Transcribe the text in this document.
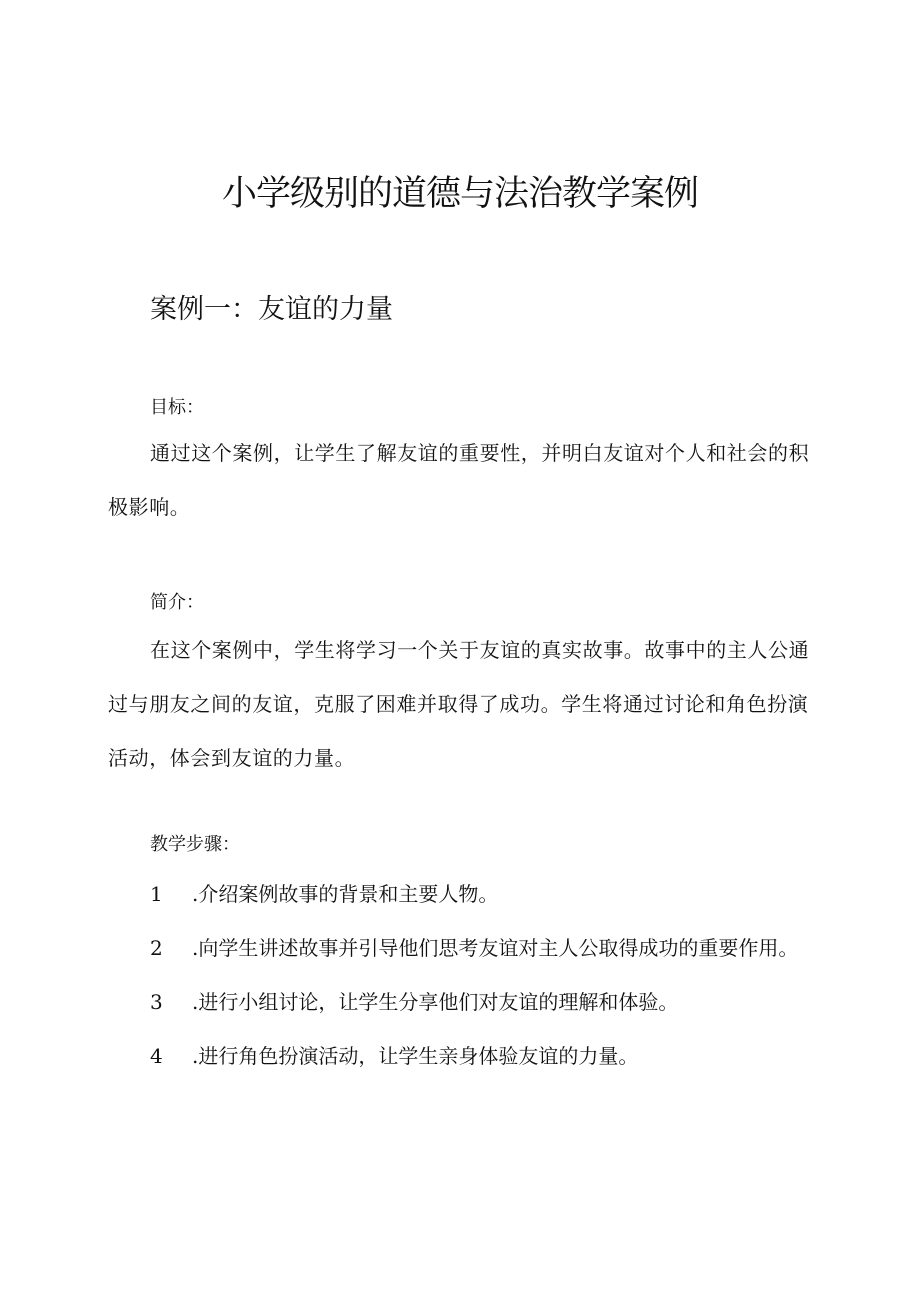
小学级别的道德与法治教学案例
案例一：友谊的力量
目标：

通过这个案例，让学生了解友谊的重要性，并明白友谊对个人和社会的积极影响。

简介：

在这个案例中，学生将学习一个关于友谊的真实故事。故事中的主人公通过与朋友之间的友谊，克服了困难并取得了成功。学生将通过讨论和角色扮演活动，体会到友谊的力量。

教学步骤：
1 .介绍案例故事的背景和主要人物。
2 .向学生讲述故事并引导他们思考友谊对主人公取得成功的重要作用。
3 .进行小组讨论，让学生分享他们对友谊的理解和体验。
4 .进行角色扮演活动，让学生亲身体验友谊的力量。
